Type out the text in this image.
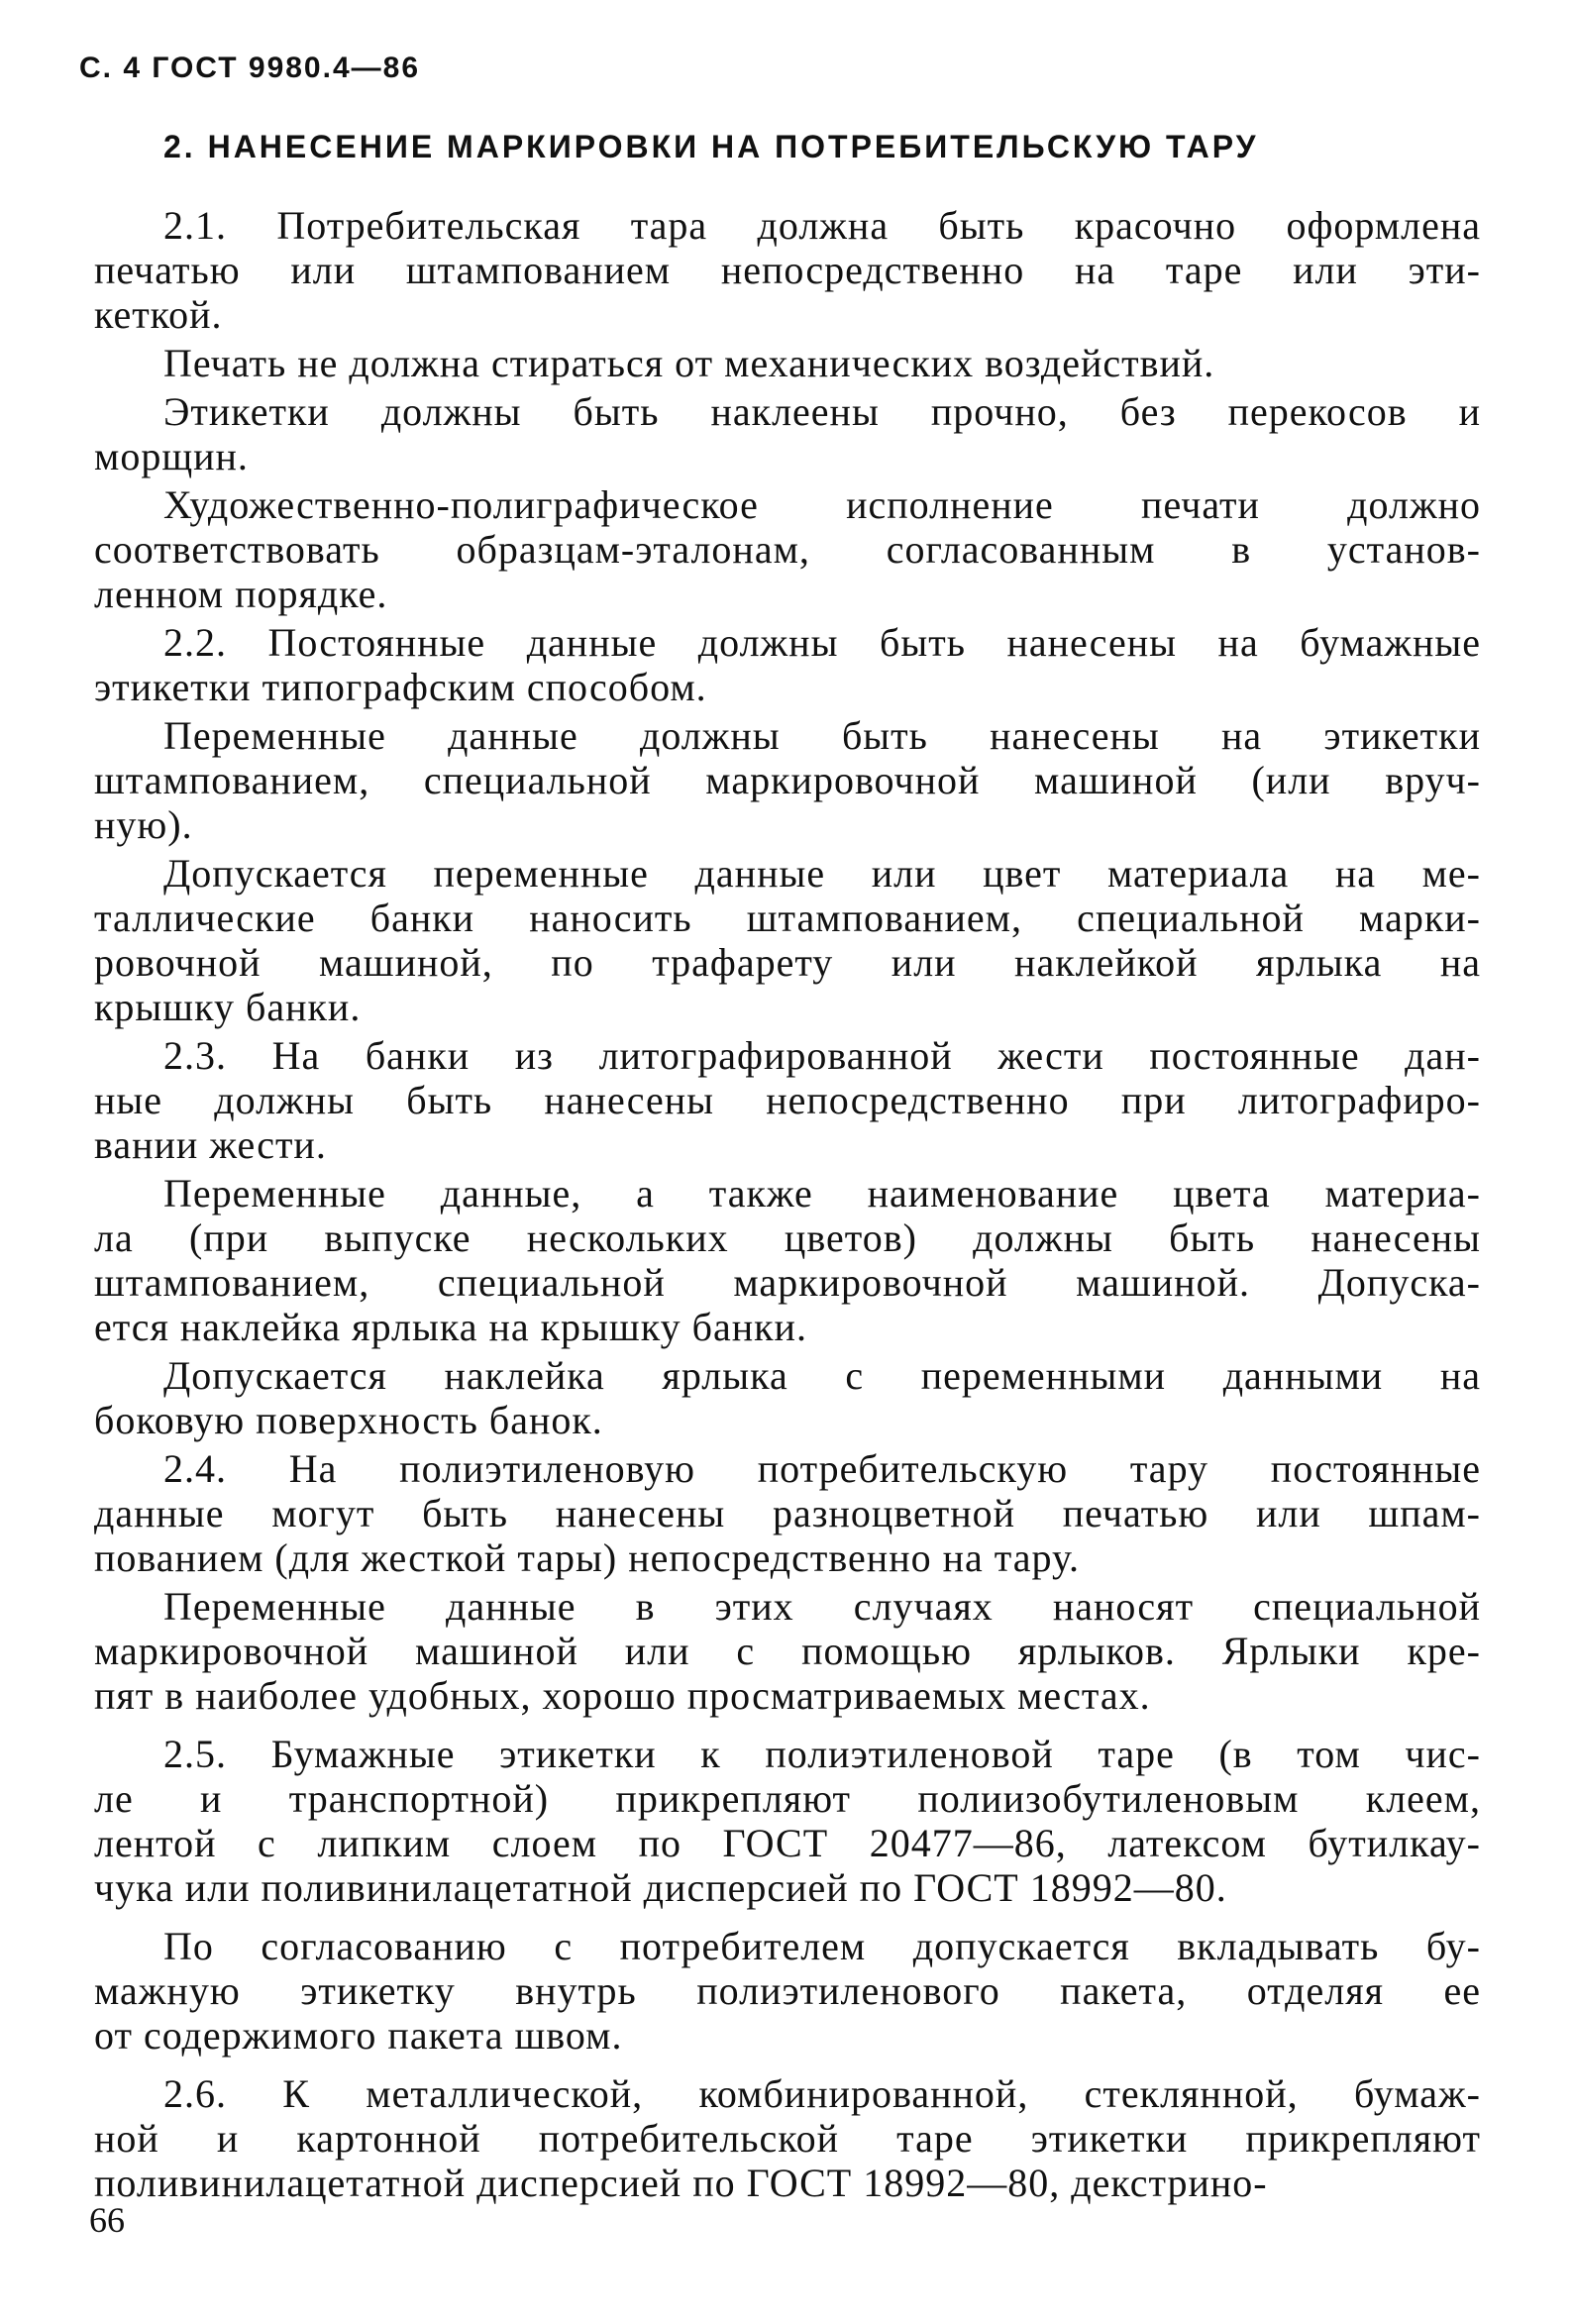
С. 4 ГОСТ 9980.4—86
2. НАНЕСЕНИЕ МАРКИРОВКИ НА ПОТРЕБИТЕЛЬСКУЮ ТАРУ
2.1. Потребительская тара должна быть красочно оформлена
печатью или штампованием непосредственно на таре или эти-
кеткой.
Печать не должна стираться от механических воздействий.
Этикетки должны быть наклеены прочно, без перекосов и
морщин.
Художественно-полиграфическое исполнение печати должно
соответствовать образцам-эталонам, согласованным в установ-
ленном порядке.
2.2. Постоянные данные должны быть нанесены на бумажные
этикетки типографским способом.
Переменные данные должны быть нанесены на этикетки
штампованием, специальной маркировочной машиной (или вруч-
ную).
Допускается переменные данные или цвет материала на ме-
таллические банки наносить штампованием, специальной марки-
ровочной машиной, по трафарету или наклейкой ярлыка на
крышку банки.
2.3. На банки из литографированной жести постоянные дан-
ные должны быть нанесены непосредственно при литографиро-
вании жести.
Переменные данные, а также наименование цвета материа-
ла (при выпуске нескольких цветов) должны быть нанесены
штампованием, специальной маркировочной машиной. Допуска-
ется наклейка ярлыка на крышку банки.
Допускается наклейка ярлыка с переменными данными на
боковую поверхность банок.
2.4. На полиэтиленовую потребительскую тару постоянные
данные могут быть нанесены разноцветной печатью или шпам-
пованием (для жесткой тары) непосредственно на тару.
Переменные данные в этих случаях наносят специальной
маркировочной машиной или с помощью ярлыков. Ярлыки кре-
пят в наиболее удобных, хорошо просматриваемых местах.
2.5. Бумажные этикетки к полиэтиленовой таре (в том чис-
ле и транспортной) прикрепляют полиизобутиленовым клеем,
лентой с липким слоем по ГОСТ 20477—86, латексом бутилкау-
чука или поливинилацетатной дисперсией по ГОСТ 18992—80.
По согласованию с потребителем допускается вкладывать бу-
мажную этикетку внутрь полиэтиленового пакета, отделяя ее
от содержимого пакета швом.
2.6. К металлической, комбинированной, стеклянной, бумаж-
ной и картонной потребительской таре этикетки прикрепляют
поливинилацетатной дисперсией по ГОСТ 18992—80, декстрино-
66
